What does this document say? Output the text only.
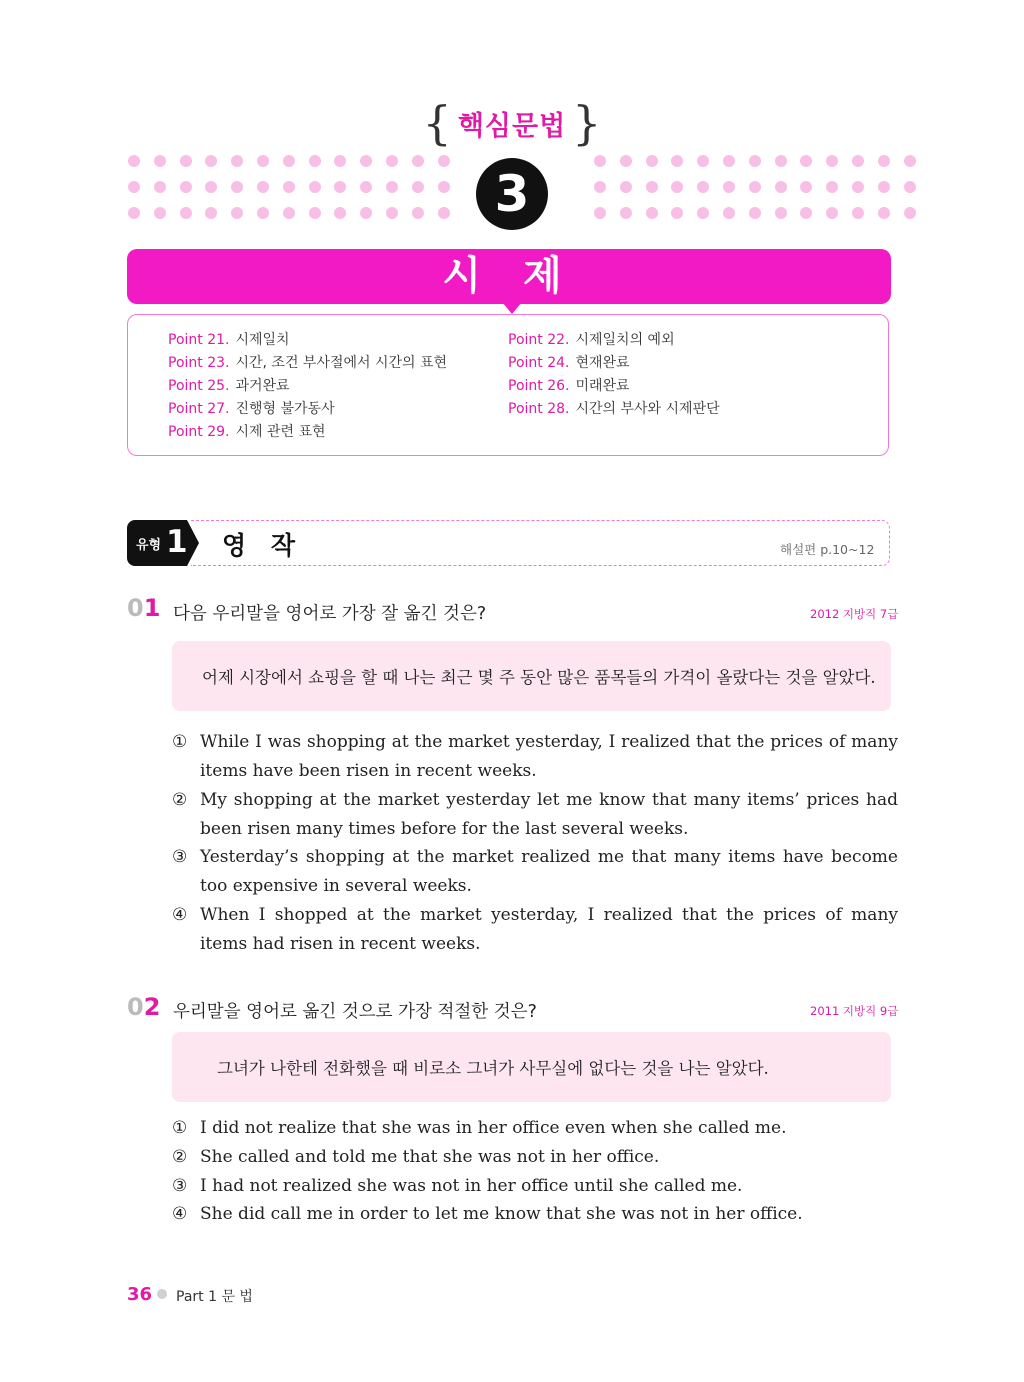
{ 핵심문법 }
3
시 제
Point 21. 시제일치	Point 22. 시제일치의 예외
Point 23. 시간, 조건 부사절에서 시간의 표현	Point 24. 현재완료
Point 25. 과거완료	Point 26. 미래완료
Point 27. 진행형 불가동사	Point 28. 시간의 부사와 시제판단
Point 29. 시제 관련 표현
유형 1 영 작	해설편 p.10~12
01 다음 우리말을 영어로 가장 잘 옮긴 것은?	2012 지방직 7급
어제 시장에서 쇼핑을 할 때 나는 최근 몇 주 동안 많은 품목들의 가격이 올랐다는 것을 알았다.
① While I was shopping at the market yesterday, I realized that the prices of many items have been risen in recent weeks.
② My shopping at the market yesterday let me know that many items’ prices had been risen many times before for the last several weeks.
③ Yesterday’s shopping at the market realized me that many items have become too expensive in several weeks.
④ When I shopped at the market yesterday, I realized that the prices of many items had risen in recent weeks.
02 우리말을 영어로 옮긴 것으로 가장 적절한 것은?	2011 지방직 9급
그녀가 나한테 전화했을 때 비로소 그녀가 사무실에 없다는 것을 나는 알았다.
① I did not realize that she was in her office even when she called me.
② She called and told me that she was not in her office.
③ I had not realized she was not in her office until she called me.
④ She did call me in order to let me know that she was not in her office.
36 Part 1 문 법
